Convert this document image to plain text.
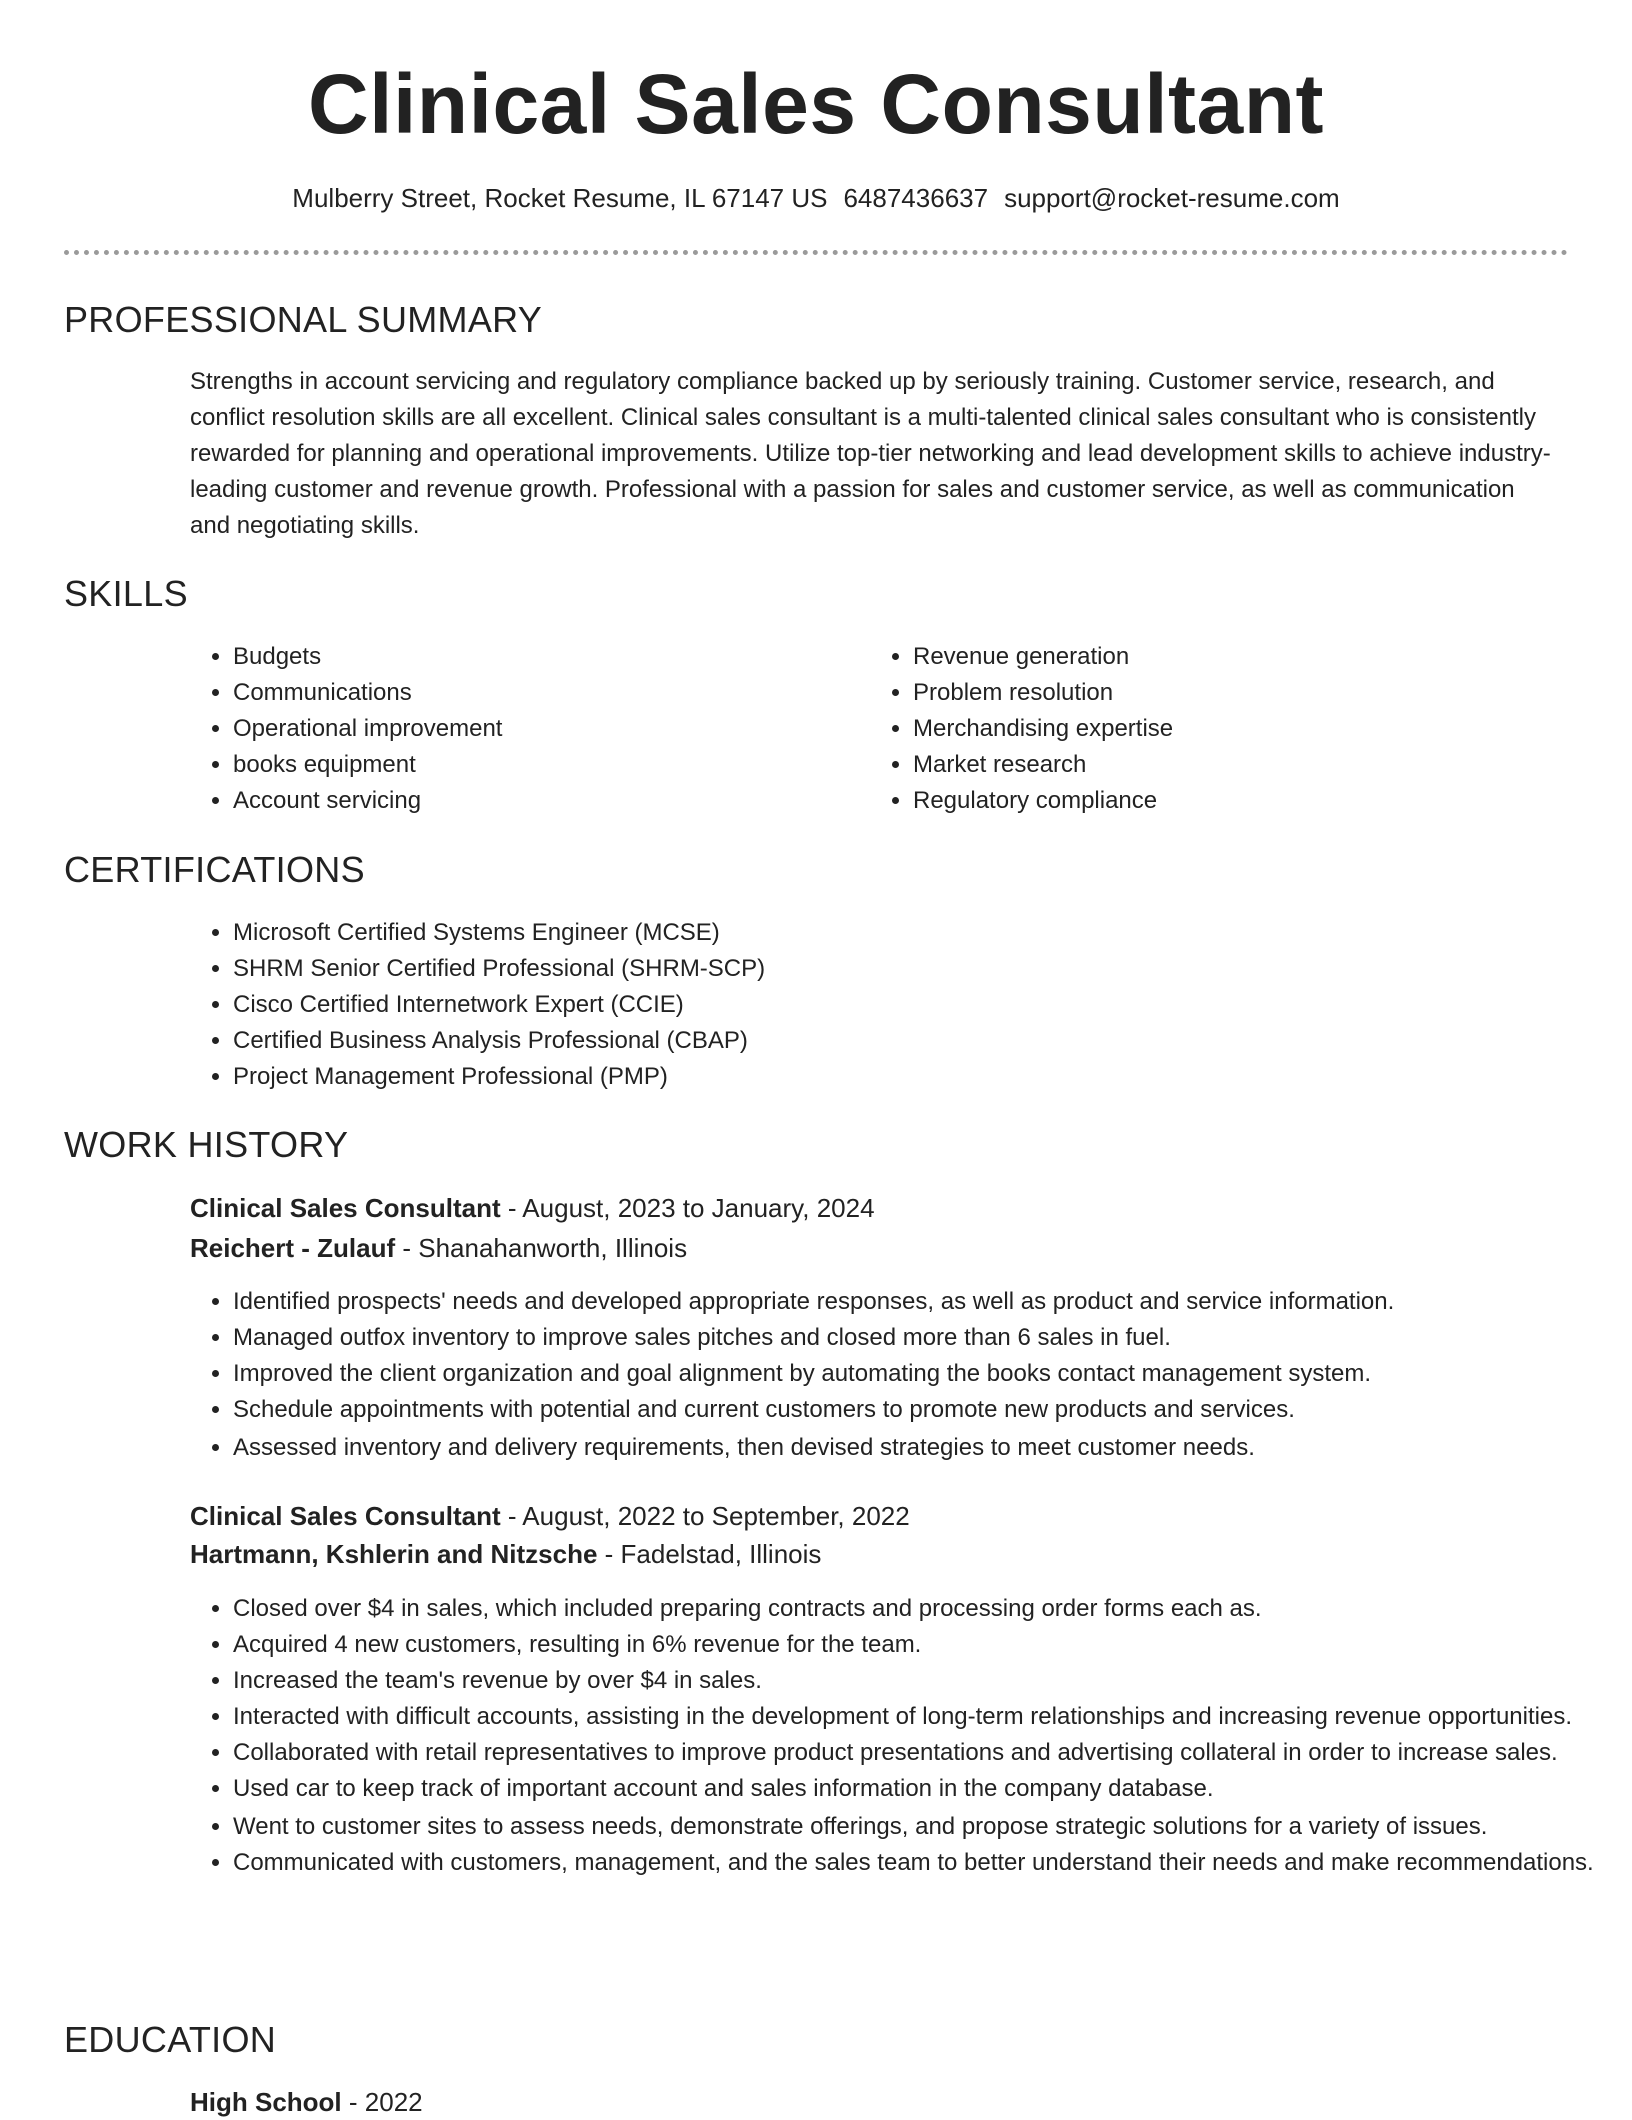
Clinical Sales Consultant
Mulberry Street, Rocket Resume, IL 67147 US 6487436637 support@rocket-resume.com
PROFESSIONAL SUMMARY

Strengths in account servicing and regulatory compliance backed up by seriously training. Customer service, research, and conflict resolution skills are all excellent. Clinical sales consultant is a multi-talented clinical sales consultant who is consistently rewarded for planning and operational improvements. Utilize top-tier networking and lead development skills to achieve industry-leading customer and revenue growth. Professional with a passion for sales and customer service, as well as communication and negotiating skills.

SKILLS
• Budgets
• Communications
• Operational improvement
• books equipment
• Account servicing
• Revenue generation
• Problem resolution
• Merchandising expertise
• Market research
• Regulatory compliance
CERTIFICATIONS
• Microsoft Certified Systems Engineer (MCSE)
• SHRM Senior Certified Professional (SHRM-SCP)
• Cisco Certified Internetwork Expert (CCIE)
• Certified Business Analysis Professional (CBAP)
• Project Management Professional (PMP)
WORK HISTORY
Clinical Sales Consultant - August, 2023 to January, 2024
Reichert - Zulauf - Shanahanworth, Illinois
• Identified prospects' needs and developed appropriate responses, as well as product and service information.
• Managed outfox inventory to improve sales pitches and closed more than 6 sales in fuel.
• Improved the client organization and goal alignment by automating the books contact management system.
• Schedule appointments with potential and current customers to promote new products and services.
• Assessed inventory and delivery requirements, then devised strategies to meet customer needs.
Clinical Sales Consultant - August, 2022 to September, 2022
Hartmann, Kshlerin and Nitzsche - Fadelstad, Illinois
• Closed over $4 in sales, which included preparing contracts and processing order forms each as.
• Acquired 4 new customers, resulting in 6% revenue for the team.
• Increased the team's revenue by over $4 in sales.
• Interacted with difficult accounts, assisting in the development of long-term relationships and increasing revenue opportunities.
• Collaborated with retail representatives to improve product presentations and advertising collateral in order to increase sales.
• Used car to keep track of important account and sales information in the company database.
• Went to customer sites to assess needs, demonstrate offerings, and propose strategic solutions for a variety of issues.
• Communicated with customers, management, and the sales team to better understand their needs and make recommendations.
EDUCATION
High School - 2022
